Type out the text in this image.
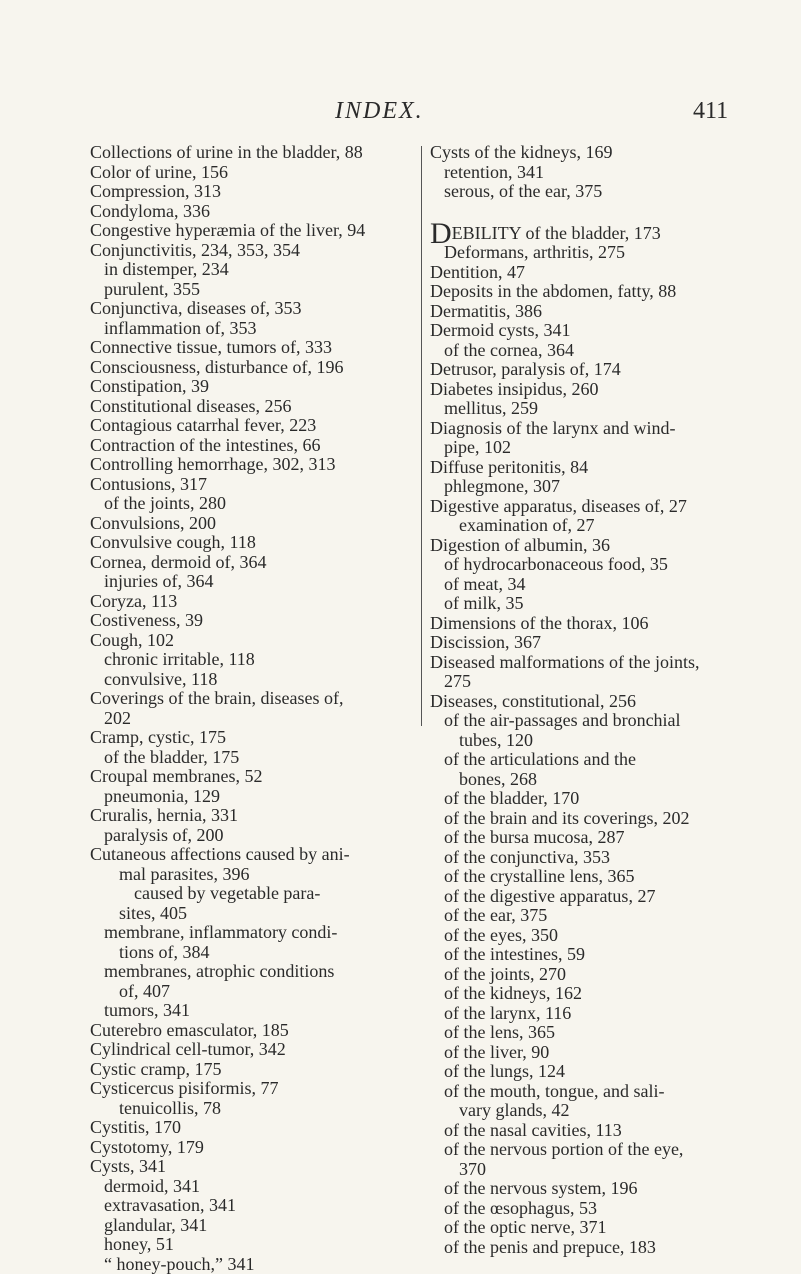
INDEX.	411
Collections of urine in the bladder, 88
Color of urine, 156
Compression, 313
Condyloma, 336
Congestive hyperæmia of the liver, 94
Conjunctivitis, 234, 353, 354
in distemper, 234
purulent, 355
Conjunctiva, diseases of, 353
inflammation of, 353
Connective tissue, tumors of, 333
Consciousness, disturbance of, 196
Constipation, 39
Constitutional diseases, 256
Contagious catarrhal fever, 223
Contraction of the intestines, 66
Controlling hemorrhage, 302, 313
Contusions, 317
of the joints, 280
Convulsions, 200
Convulsive cough, 118
Cornea, dermoid of, 364
injuries of, 364
Coryza, 113
Costiveness, 39
Cough, 102
chronic irritable, 118
convulsive, 118
Coverings of the brain, diseases of,
202
Cramp, cystic, 175
of the bladder, 175
Croupal membranes, 52
pneumonia, 129
Cruralis, hernia, 331
paralysis of, 200
Cutaneous affections caused by ani-
mal parasites, 396
caused by vegetable para-
sites, 405
membrane, inflammatory condi-
tions of, 384
membranes, atrophic conditions
of, 407
tumors, 341
Cuterebro emasculator, 185
Cylindrical cell-tumor, 342
Cystic cramp, 175
Cysticercus pisiformis, 77
tenuicollis, 78
Cystitis, 170
Cystotomy, 179
Cysts, 341
dermoid, 341
extravasation, 341
glandular, 341
honey, 51
“ honey-pouch,” 341
Cysts of the kidneys, 169
retention, 341
serous, of the ear, 375
DEBILITY of the bladder, 173
Deformans, arthritis, 275
Dentition, 47
Deposits in the abdomen, fatty, 88
Dermatitis, 386
Dermoid cysts, 341
of the cornea, 364
Detrusor, paralysis of, 174
Diabetes insipidus, 260
mellitus, 259
Diagnosis of the larynx and wind-
pipe, 102
Diffuse peritonitis, 84
phlegmone, 307
Digestive apparatus, diseases of, 27
examination of, 27
Digestion of albumin, 36
of hydrocarbonaceous food, 35
of meat, 34
of milk, 35
Dimensions of the thorax, 106
Discission, 367
Diseased malformations of the joints,
275
Diseases, constitutional, 256
of the air-passages and bronchial
tubes, 120
of the articulations and the
bones, 268
of the bladder, 170
of the brain and its coverings, 202
of the bursa mucosa, 287
of the conjunctiva, 353
of the crystalline lens, 365
of the digestive apparatus, 27
of the ear, 375
of the eyes, 350
of the intestines, 59
of the joints, 270
of the kidneys, 162
of the larynx, 116
of the lens, 365
of the liver, 90
of the lungs, 124
of the mouth, tongue, and sali-
vary glands, 42
of the nasal cavities, 113
of the nervous portion of the eye,
370
of the nervous system, 196
of the œsophagus, 53
of the optic nerve, 371
of the penis and prepuce, 183
